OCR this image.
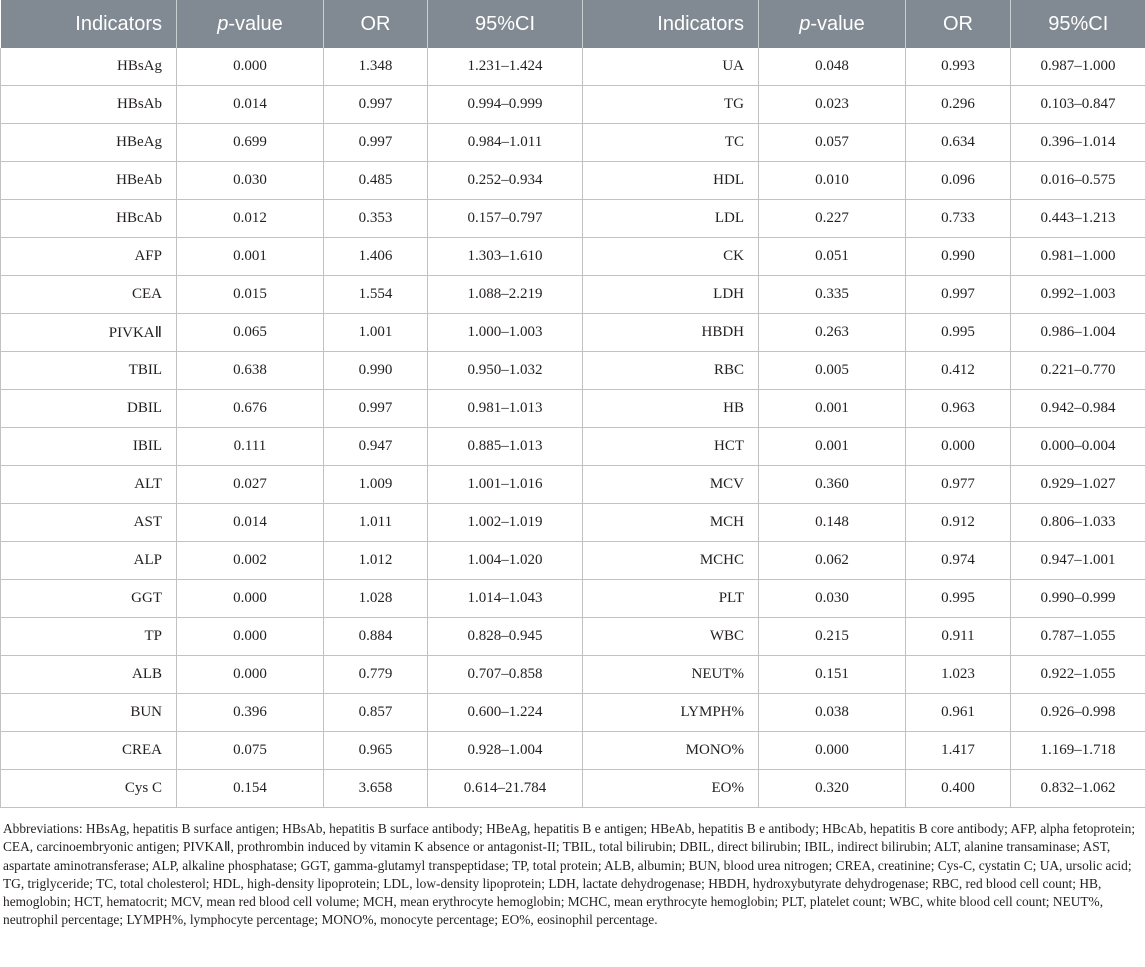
Indicators	p-value	OR	95%CI	Indicators	p-value	OR	95%CI
HBsAg	0.000	1.348	1.231–1.424	UA	0.048	0.993	0.987–1.000
HBsAb	0.014	0.997	0.994–0.999	TG	0.023	0.296	0.103–0.847
HBeAg	0.699	0.997	0.984–1.011	TC	0.057	0.634	0.396–1.014
HBeAb	0.030	0.485	0.252–0.934	HDL	0.010	0.096	0.016–0.575
HBcAb	0.012	0.353	0.157–0.797	LDL	0.227	0.733	0.443–1.213
AFP	0.001	1.406	1.303–1.610	CK	0.051	0.990	0.981–1.000
CEA	0.015	1.554	1.088–2.219	LDH	0.335	0.997	0.992–1.003
PIVKAⅡ	0.065	1.001	1.000–1.003	HBDH	0.263	0.995	0.986–1.004
TBIL	0.638	0.990	0.950–1.032	RBC	0.005	0.412	0.221–0.770
DBIL	0.676	0.997	0.981–1.013	HB	0.001	0.963	0.942–0.984
IBIL	0.111	0.947	0.885–1.013	HCT	0.001	0.000	0.000–0.004
ALT	0.027	1.009	1.001–1.016	MCV	0.360	0.977	0.929–1.027
AST	0.014	1.011	1.002–1.019	MCH	0.148	0.912	0.806–1.033
ALP	0.002	1.012	1.004–1.020	MCHC	0.062	0.974	0.947–1.001
GGT	0.000	1.028	1.014–1.043	PLT	0.030	0.995	0.990–0.999
TP	0.000	0.884	0.828–0.945	WBC	0.215	0.911	0.787–1.055
ALB	0.000	0.779	0.707–0.858	NEUT%	0.151	1.023	0.922–1.055
BUN	0.396	0.857	0.600–1.224	LYMPH%	0.038	0.961	0.926–0.998
CREA	0.075	0.965	0.928–1.004	MONO%	0.000	1.417	1.169–1.718
Cys C	0.154	3.658	0.614–21.784	EO%	0.320	0.400	0.832–1.062

Abbreviations: HBsAg, hepatitis B surface antigen; HBsAb, hepatitis B surface antibody; HBeAg, hepatitis B e antigen; HBeAb, hepatitis B e antibody; HBcAb, hepatitis B core antibody; AFP, alpha fetoprotein; CEA, carcinoembryonic antigen; PIVKAⅡ, prothrombin induced by vitamin K absence or antagonist-II; TBIL, total bilirubin; DBIL, direct bilirubin; IBIL, indirect bilirubin; ALT, alanine transaminase; AST, aspartate aminotransferase; ALP, alkaline phosphatase; GGT, gamma-glutamyl transpeptidase; TP, total protein; ALB, albumin; BUN, blood urea nitrogen; CREA, creatinine; Cys-C, cystatin C; UA, ursolic acid; TG, triglyceride; TC, total cholesterol; HDL, high-density lipoprotein; LDL, low-density lipoprotein; LDH, lactate dehydrogenase; HBDH, hydroxybutyrate dehydrogenase; RBC, red blood cell count; HB, hemoglobin; HCT, hematocrit; MCV, mean red blood cell volume; MCH, mean erythrocyte hemoglobin; MCHC, mean erythrocyte hemoglobin; PLT, platelet count; WBC, white blood cell count; NEUT%, neutrophil percentage; LYMPH%, lymphocyte percentage; MONO%, monocyte percentage; EO%, eosinophil percentage.
